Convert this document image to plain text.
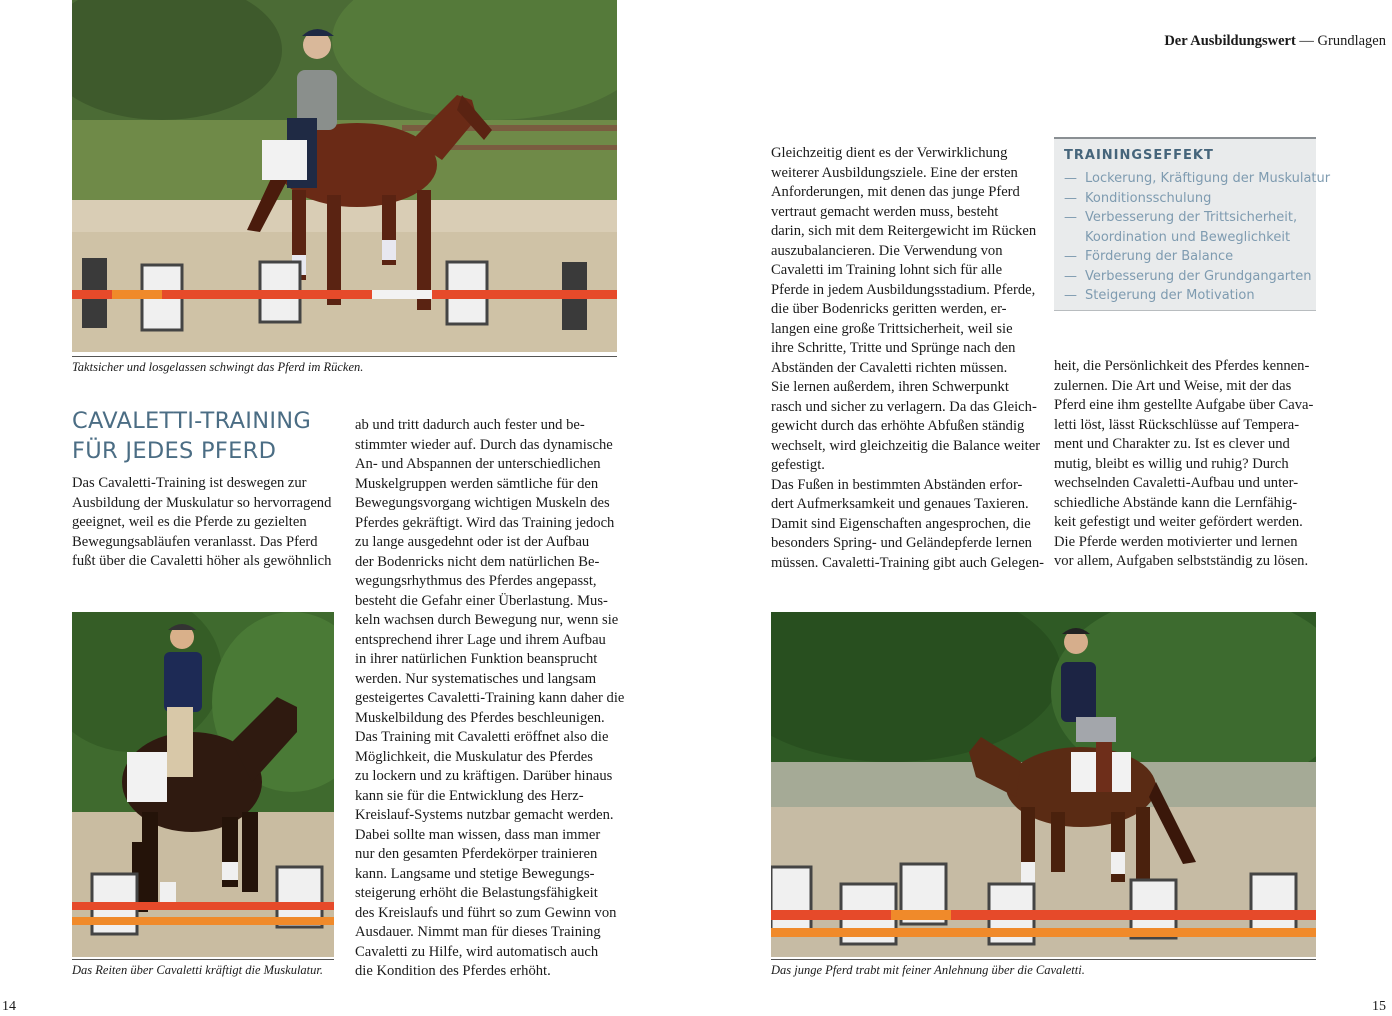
Der Ausbildungswert — Grundlagen
Taktsicher und losgelassen schwingt das Pferd im Rücken.
CAVALETTI-TRAINING
FÜR JEDES PFERD
Das Cavaletti-Training ist deswegen zur
Ausbildung der Muskulatur so hervorragend
geeignet, weil es die Pferde zu gezielten
Bewegungsabläufen veranlasst. Das Pferd
fußt über die Cavaletti höher als gewöhnlich
Das Reiten über Cavaletti kräftigt die Muskulatur.
ab und tritt dadurch auch fester und be-
stimmter wieder auf. Durch das dynamische
An- und Abspannen der unterschiedlichen
Muskelgruppen werden sämtliche für den
Bewegungsvorgang wichtigen Muskeln des
Pferdes gekräftigt. Wird das Training jedoch
zu lange ausgedehnt oder ist der Aufbau
der Bodenricks nicht dem natürlichen Be-
wegungsrhythmus des Pferdes angepasst,
besteht die Gefahr einer Überlastung. Mus-
keln wachsen durch Bewegung nur, wenn sie
entsprechend ihrer Lage und ihrem Aufbau
in ihrer natürlichen Funktion beansprucht
werden. Nur systematisches und langsam
gesteigertes Cavaletti-Training kann daher die
Muskelbildung des Pferdes beschleunigen.
Das Training mit Cavaletti eröffnet also die
Möglichkeit, die Muskulatur des Pferdes
zu lockern und zu kräftigen. Darüber hinaus
kann sie für die Entwicklung des Herz-
Kreislauf-Systems nutzbar gemacht werden.
Dabei sollte man wissen, dass man immer
nur den gesamten Pferdekörper trainieren
kann. Langsame und stetige Bewegungs-
steigerung erhöht die Belastungsfähigkeit
des Kreislaufs und führt so zum Gewinn von
Ausdauer. Nimmt man für dieses Training
Cavaletti zu Hilfe, wird automatisch auch
die Kondition des Pferdes erhöht.
14
Gleichzeitig dient es der Verwirklichung
weiterer Ausbildungsziele. Eine der ersten
Anforderungen, mit denen das junge Pferd
vertraut gemacht werden muss, besteht
darin, sich mit dem Reitergewicht im Rücken
auszubalancieren. Die Verwendung von
Cavaletti im Training lohnt sich für alle
Pferde in jedem Ausbildungsstadium. Pferde,
die über Bodenricks geritten werden, er-
langen eine große Trittsicherheit, weil sie
ihre Schritte, Tritte und Sprünge nach den
Abständen der Cavaletti richten müssen.
Sie lernen außerdem, ihren Schwerpunkt
rasch und sicher zu verlagern. Da das Gleich-
gewicht durch das erhöhte Abfußen ständig
wechselt, wird gleichzeitig die Balance weiter
gefestigt.
Das Fußen in bestimmten Abständen erfor-
dert Aufmerksamkeit und genaues Taxieren.
Damit sind Eigenschaften angesprochen, die
besonders Spring- und Geländepferde lernen
müssen. Cavaletti-Training gibt auch Gelegen-
TRAININGSEFFEKT
— Lockerung, Kräftigung der Muskulatur
— Konditionsschulung
— Verbesserung der Trittsicherheit,
Koordination und Beweglichkeit
— Förderung der Balance
— Verbesserung der Grundgangarten
— Steigerung der Motivation
heit, die Persönlichkeit des Pferdes kennen-
zulernen. Die Art und Weise, mit der das
Pferd eine ihm gestellte Aufgabe über Cava-
letti löst, lässt Rückschlüsse auf Tempera-
ment und Charakter zu. Ist es clever und
mutig, bleibt es willig und ruhig? Durch
wechselnden Cavaletti-Aufbau und unter-
schiedliche Abstände kann die Lernfähig-
keit gefestigt und weiter gefördert werden.
Die Pferde werden motivierter und lernen
vor allem, Aufgaben selbstständig zu lösen.
Das junge Pferd trabt mit feiner Anlehnung über die Cavaletti.
15
